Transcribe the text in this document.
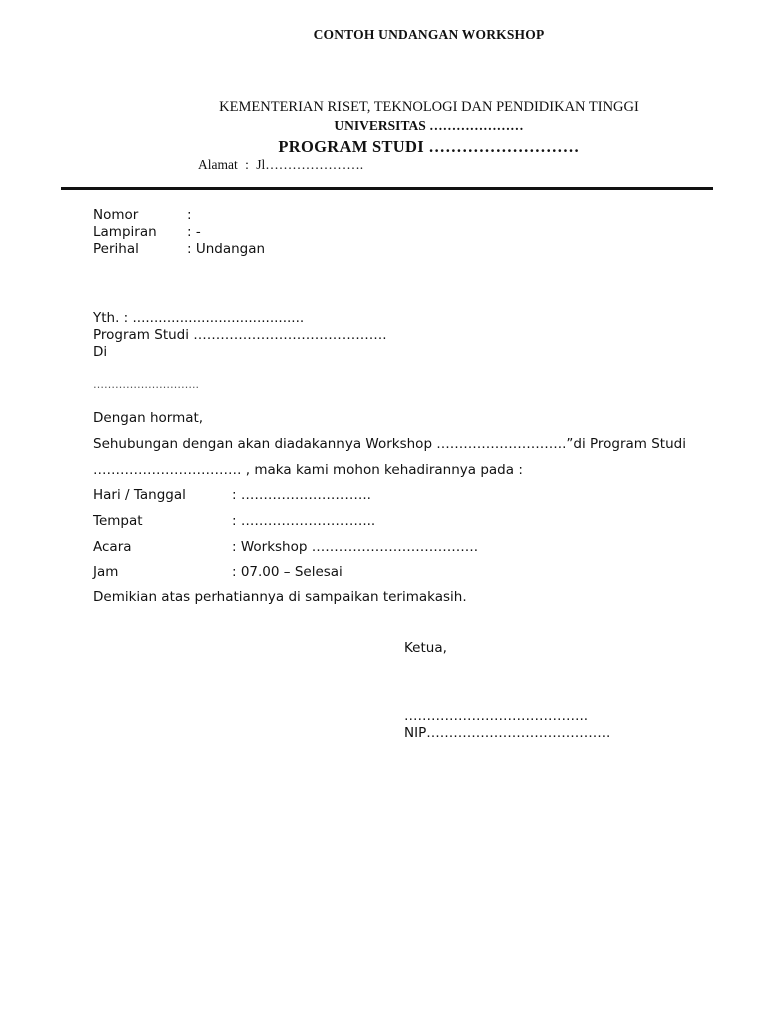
CONTOH UNDANGAN WORKSHOP
KEMENTERIAN RISET, TEKNOLOGI DAN PENDIDIKAN TINGGI
UNIVERSITAS …………………
PROGRAM STUDI ………………………
Alamat : Jl………………….
Nomor	:
Lampiran : -
Perihal	: Undangan
Yth. : ........................................
Program Studi …………………………………….
Di
………………………..
Dengan hormat,
Sehubungan dengan akan diadakannya Workshop ………………………..”di Program Studi
…………………………… , maka kami mohon kehadirannya pada :
Hari / Tanggal	: ………………………..
Tempat	: ………………………...
Acara	: Workshop ……………………………….
Jam	: 07.00 – Selesai
Demikian atas perhatiannya di sampaikan terimakasih.
Ketua,
…………………………………..
NIP…………………………………..
